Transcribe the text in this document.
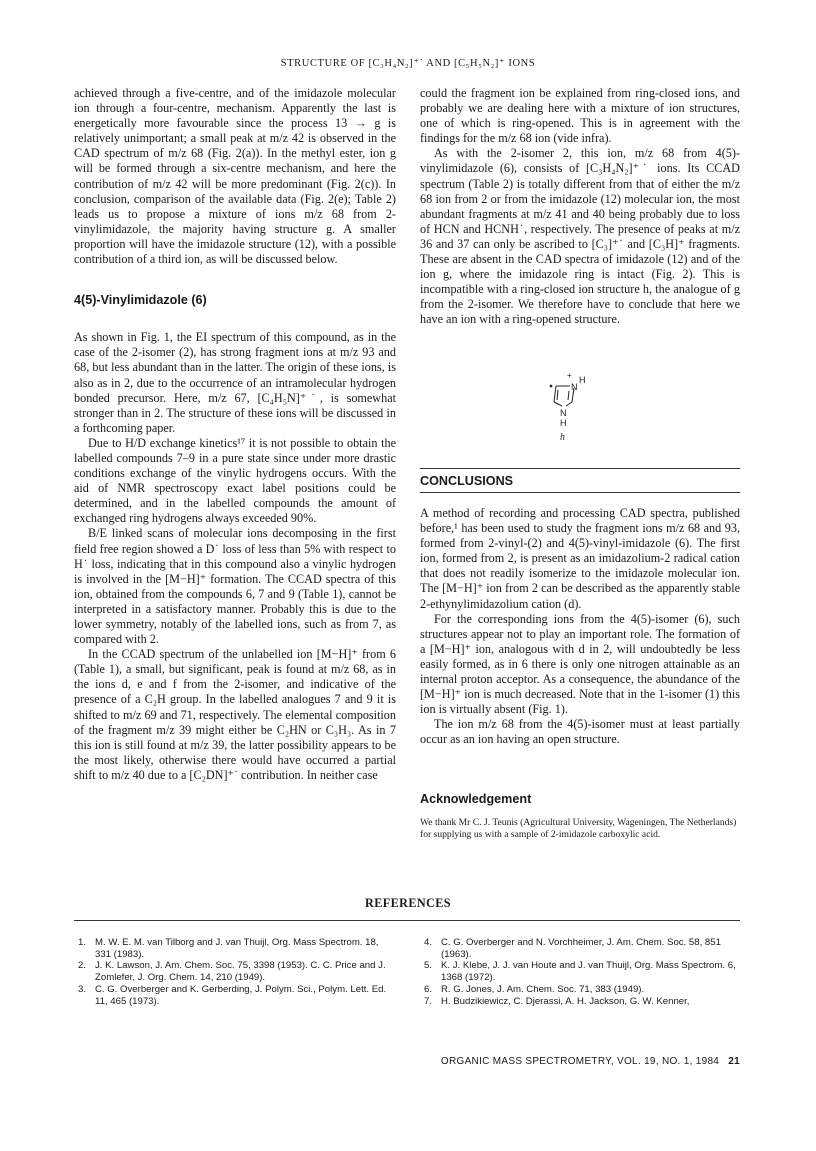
STRUCTURE OF [C₃H₄N₂]⁺˙ AND [C₅H₅N₂]⁺ IONS

achieved through a five-centre, and of the imidazole molecular ion through a four-centre, mechanism. Apparently the last is energetically more favourable since the process 13 → g is relatively unimportant; a small peak at m/z 42 is observed in the CAD spectrum of m/z 68 (Fig. 2(a)). In the methyl ester, ion g will be formed through a six-centre mechanism, and here the contribution of m/z 42 will be more predominant (Fig. 2(c)). In conclusion, comparison of the available data (Fig. 2(e); Table 2) leads us to propose a mixture of ions m/z 68 from 2-vinylimidazole, the majority having structure g. A smaller proportion will have the imidazole structure (12), with a possible contribution of a third ion, as will be discussed below.

4(5)-Vinylimidazole (6)

As shown in Fig. 1, the EI spectrum of this compound, as in the case of the 2-isomer (2), has strong fragment ions at m/z 93 and 68, but less abundant than in the latter. The origin of these ions, is also as in 2, due to the occurrence of an intramolecular hydrogen bonded precursor. Here, m/z 67, [C₄H₅N]⁺˙, is somewhat stronger than in 2. The structure of these ions will be discussed in a forthcoming paper.

Due to H/D exchange kinetics¹⁷ it is not possible to obtain the labelled compounds 7–9 in a pure state since under more drastic conditions exchange of the vinylic hydrogens occurs. With the aid of NMR spectroscopy exact label positions could be determined, and in the labelled compounds the amount of exchanged ring hydrogens always exceeded 90%.

B/E linked scans of molecular ions decomposing in the first field free region showed a D˙ loss of less than 5% with respect to H˙ loss, indicating that in this compound also a vinylic hydrogen is involved in the [M−H]⁺ formation. The CCAD spectra of this ion, obtained from the compounds 6, 7 and 9 (Table 1), cannot be interpreted in a satisfactory manner. Probably this is due to the lower symmetry, notably of the labelled ions, such as from 7, as compared with 2.

In the CCAD spectrum of the unlabelled ion [M−H]⁺ from 6 (Table 1), a small, but significant, peak is found at m/z 68, as in the ions d, e and f from the 2-isomer, and indicative of the presence of a C₂H group. In the labelled analogues 7 and 9 it is shifted to m/z 69 and 71, respectively. The elemental composition of the fragment m/z 39 might either be C₂HN or C₃H₃. As in 7 this ion is still found at m/z 39, the latter possibility appears to be the most likely, otherwise there would have occurred a partial shift to m/z 40 due to a [C₂DN]⁺˙ contribution. In neither case

could the fragment ion be explained from ring-closed ions, and probably we are dealing here with a mixture of ion structures, one of which is ring-opened. This is in agreement with the findings for the m/z 68 ion (vide infra).

As with the 2-isomer 2, this ion, m/z 68 from 4(5)-vinylimidazole (6), consists of [C₃H₄N₂]⁺˙ ions. Its CCAD spectrum (Table 2) is totally different from that of either the m/z 68 ion from 2 or from the imidazole (12) molecular ion, the most abundant fragments at m/z 41 and 40 being probably due to loss of HCN and HCNH˙, respectively. The presence of peaks at m/z 36 and 37 can only be ascribed to [C₃]⁺˙ and [C₃H]⁺ fragments. These are absent in the CAD spectra of imidazole (12) and of the ion g, where the imidazole ring is intact (Fig. 2). This is incompatible with a ring-closed ion structure h, the analogue of g from the 2-isomer. We therefore have to conclude that here we have an ion with a ring-opened structure.

+
N
H
N
H
h

CONCLUSIONS

A method of recording and processing CAD spectra, published before,¹ has been used to study the fragment ions m/z 68 and 93, formed from 2-vinyl-(2) and 4(5)-vinyl-imidazole (6). The first ion, formed from 2, is present as an imidazolium-2 radical cation that does not readily isomerize to the imidazole molecular ion. The [M−H]⁺ ion from 2 can be described as the apparently stable 2-ethynylimidazolium cation (d).

For the corresponding ions from the 4(5)-isomer (6), such structures appear not to play an important role. The formation of a [M−H]⁺ ion, analogous with d in 2, will undoubtedly be less easily formed, as in 6 there is only one nitrogen attainable as an internal proton acceptor. As a consequence, the abundance of the [M−H]⁺ ion is much decreased. Note that in the 1-isomer (1) this ion is virtually absent (Fig. 1).

The ion m/z 68 from the 4(5)-isomer must at least partially occur as an ion having an open structure.

Acknowledgement

We thank Mr C. J. Teunis (Agricultural University, Wageningen, The Netherlands) for supplying us with a sample of 2-imidazole carboxylic acid.

REFERENCES
1. M. W. E. M. van Tilborg and J. van Thuijl, Org. Mass Spectrom. 18, 331 (1983).
2. J. K. Lawson, J. Am. Chem. Soc. 75, 3398 (1953). C. C. Price and J. Zomlefer, J. Org. Chem. 14, 210 (1949).
3. C. G. Overberger and K. Gerberding, J. Polym. Sci., Polym. Lett. Ed. 11, 465 (1973).
4. C. G. Overberger and N. Vorchheimer, J. Am. Chem. Soc. 58, 851 (1963).
5. K. J. Klebe, J. J. van Houte and J. van Thuijl, Org. Mass Spectrom. 6, 1368 (1972).
6. R. G. Jones, J. Am. Chem. Soc. 71, 383 (1949).
7. H. Budzikiewicz, C. Djerassi, A. H. Jackson, G. W. Kenner,
ORGANIC MASS SPECTROMETRY, VOL. 19, NO. 1, 1984 21
